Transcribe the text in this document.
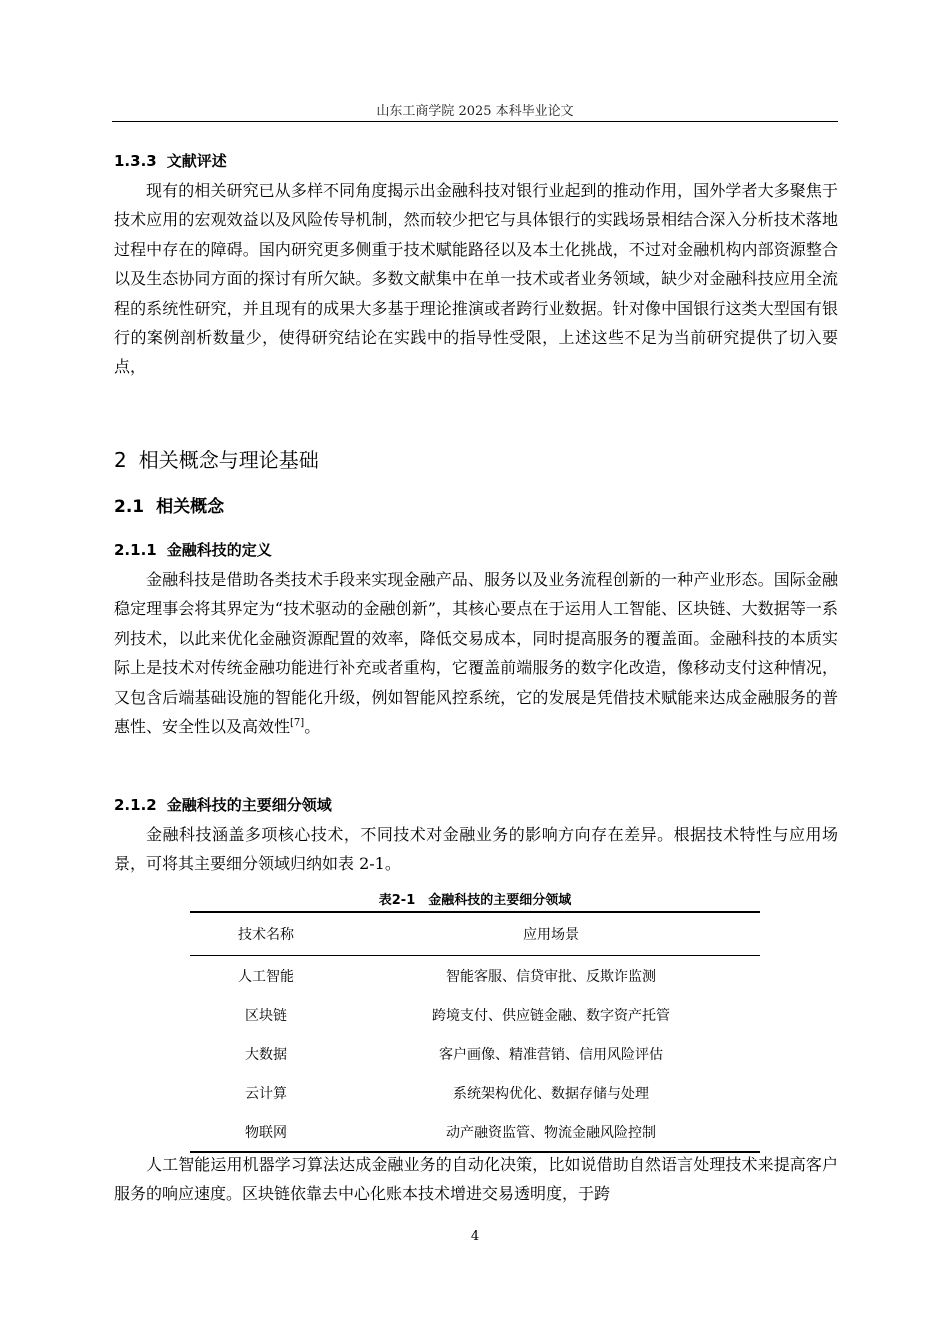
山东工商学院 2025 本科毕业论文
1.3.3 文献评述

现有的相关研究已从多样不同角度揭示出金融科技对银行业起到的推动作用，国外学者大多聚焦于技术应用的宏观效益以及风险传导机制，然而较少把它与具体银行的实践场景相结合深入分析技术落地过程中存在的障碍。国内研究更多侧重于技术赋能路径以及本土化挑战，不过对金融机构内部资源整合以及生态协同方面的探讨有所欠缺。多数文献集中在单一技术或者业务领域，缺少对金融科技应用全流程的系统性研究，并且现有的成果大多基于理论推演或者跨行业数据。针对像中国银行这类大型国有银行的案例剖析数量少，使得研究结论在实践中的指导性受限，上述这些不足为当前研究提供了切入要点，

2 相关概念与理论基础
2.1 相关概念
2.1.1 金融科技的定义

金融科技是借助各类技术手段来实现金融产品、服务以及业务流程创新的一种产业形态。国际金融稳定理事会将其界定为“技术驱动的金融创新”，其核心要点在于运用人工智能、区块链、大数据等一系列技术，以此来优化金融资源配置的效率，降低交易成本，同时提高服务的覆盖面。金融科技的本质实际上是技术对传统金融功能进行补充或者重构，它覆盖前端服务的数字化改造，像移动支付这种情况，又包含后端基础设施的智能化升级，例如智能风控系统，它的发展是凭借技术赋能来达成金融服务的普惠性、安全性以及高效性[7]。

2.1.2 金融科技的主要细分领域

金融科技涵盖多项核心技术，不同技术对金融业务的影响方向存在差异。根据技术特性与应用场景，可将其主要细分领域归纳如表 2-1。

表2-1　金融科技的主要细分领域
技术名称	应用场景
人工智能	智能客服、信贷审批、反欺诈监测
区块链	跨境支付、供应链金融、数字资产托管
大数据	客户画像、精准营销、信用风险评估
云计算	系统架构优化、数据存储与处理
物联网	动产融资监管、物流金融风险控制

人工智能运用机器学习算法达成金融业务的自动化决策，比如说借助自然语言处理技术来提高客户服务的响应速度。区块链依靠去中心化账本技术增进交易透明度，于跨

4
